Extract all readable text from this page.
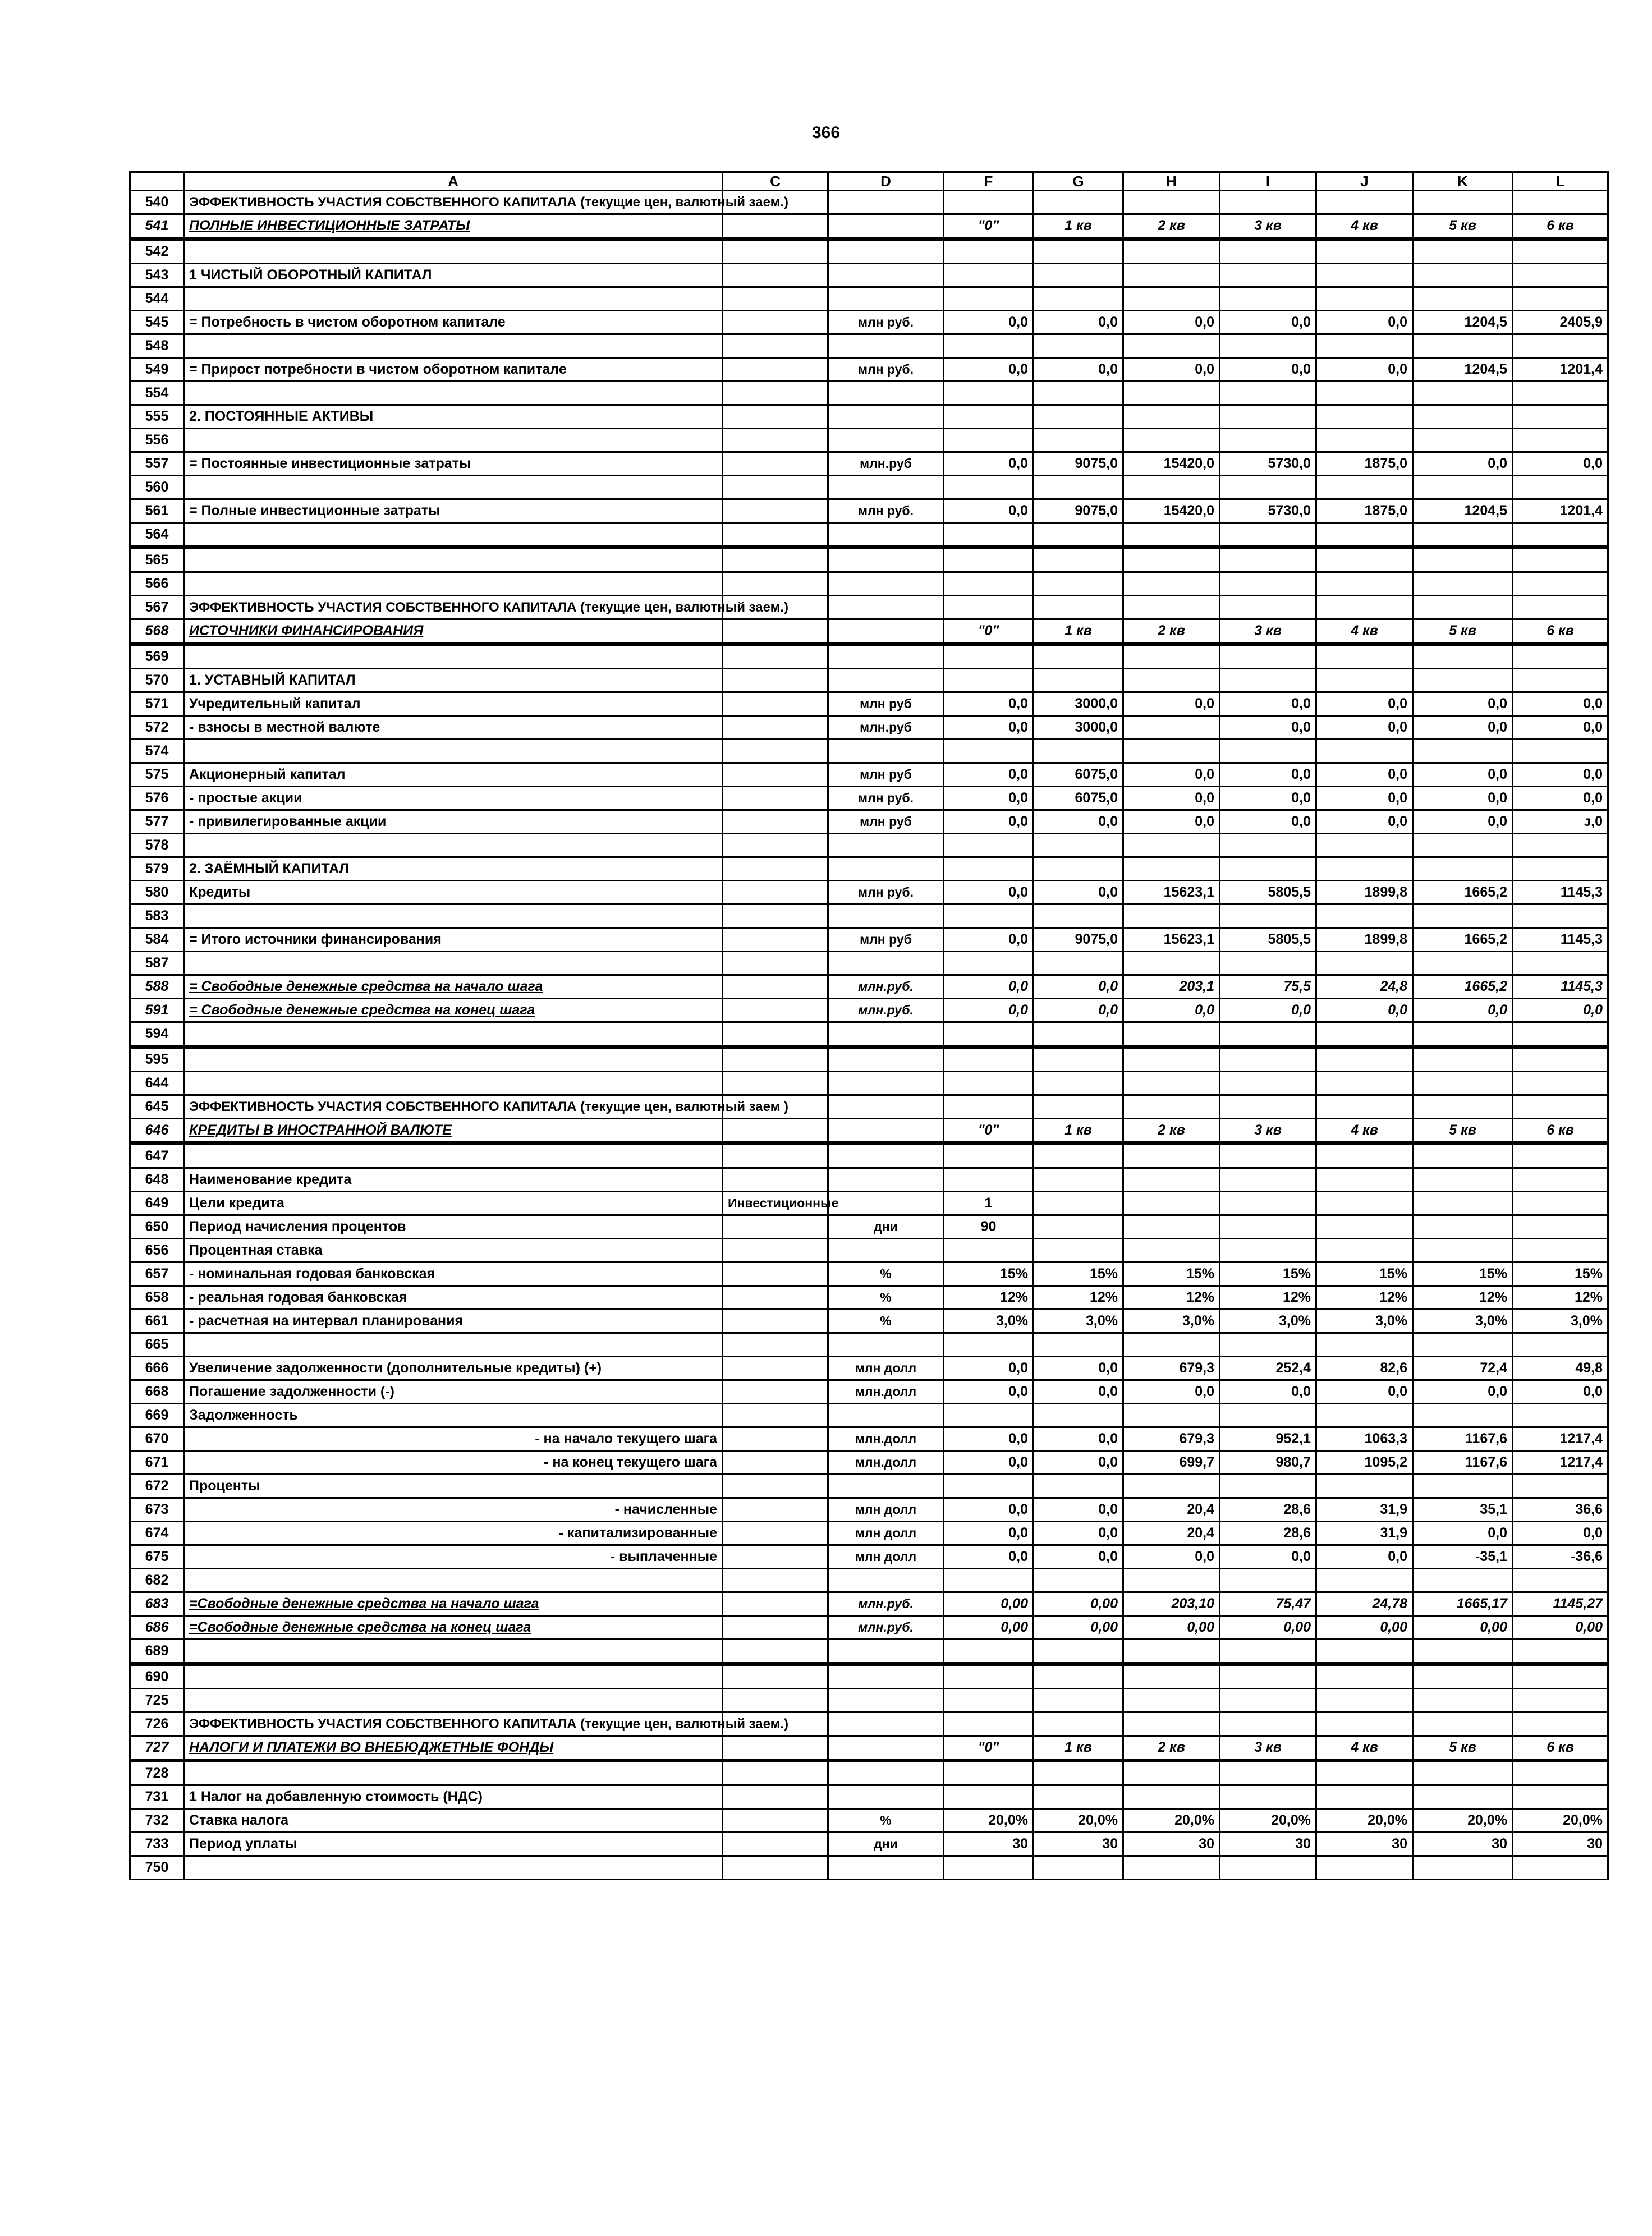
366
	A	C	D	F	G	H	I	J	K	L
540	ЭФФЕКТИВНОСТЬ УЧАСТИЯ СОБСТВЕННОГО КАПИТАЛА (текущие цен, валютный заем.)									
541	ПОЛНЫЕ ИНВЕСТИЦИОННЫЕ ЗАТРАТЫ			"0"	1 кв	2 кв	3 кв	4 кв	5 кв	6 кв
542										
543	1 ЧИСТЫЙ ОБОРОТНЫЙ КАПИТАЛ									
544										
545	= Потребность в чистом оборотном капитале		млн руб.	0,0	0,0	0,0	0,0	0,0	1204,5	2405,9
548										
549	= Прирост потребности в чистом оборотном капитале		млн руб.	0,0	0,0	0,0	0,0	0,0	1204,5	1201,4
554										
555	2. ПОСТОЯННЫЕ АКТИВЫ									
556										
557	= Постоянные инвестиционные затраты		млн.руб	0,0	9075,0	15420,0	5730,0	1875,0	0,0	0,0
560										
561	= Полные инвестиционные затраты		млн руб.	0,0	9075,0	15420,0	5730,0	1875,0	1204,5	1201,4
564										
565										
566										
567	ЭФФЕКТИВНОСТЬ УЧАСТИЯ СОБСТВЕННОГО КАПИТАЛА (текущие цен, валютный заем.)									
568	ИСТОЧНИКИ ФИНАНСИРОВАНИЯ			"0"	1 кв	2 кв	3 кв	4 кв	5 кв	6 кв
569										
570	1. УСТАВНЫЙ КАПИТАЛ									
571	Учредительный капитал		млн руб	0,0	3000,0	0,0	0,0	0,0	0,0	0,0
572	- взносы в местной валюте		млн.руб	0,0	3000,0		0,0	0,0	0,0	0,0
574										
575	Акционерный капитал		млн руб	0,0	6075,0	0,0	0,0	0,0	0,0	0,0
576	- простые акции		млн руб.	0,0	6075,0	0,0	0,0	0,0	0,0	0,0
577	- привилегированные акции		млн руб	0,0	0,0	0,0	0,0	0,0	0,0	ᴊ,0
578										
579	2. ЗАЁМНЫЙ КАПИТАЛ									
580	Кредиты		млн руб.	0,0	0,0	15623,1	5805,5	1899,8	1665,2	1145,3
583										
584	= Итого источники финансирования		млн руб	0,0	9075,0	15623,1	5805,5	1899,8	1665,2	1145,3
587										
588	= Свободные денежные средства на начало шага		млн.руб.	0,0	0,0	203,1	75,5	24,8	1665,2	1145,3
591	= Свободные денежные средства на конец шага		млн.руб.	0,0	0,0	0,0	0,0	0,0	0,0	0,0
594										
595										
644										
645	ЭФФЕКТИВНОСТЬ УЧАСТИЯ СОБСТВЕННОГО КАПИТАЛА (текущие цен, валютный заем )									
646	КРЕДИТЫ В ИНОСТРАННОЙ ВАЛЮТЕ			"0"	1 кв	2 кв	3 кв	4 кв	5 кв	6 кв
647										
648	Наименование кредита									
649	Цели кредита	Инвестиционные		1						
650	Период начисления процентов		дни	90						
656	Процентная ставка									
657	- номинальная годовая банковская		%	15%	15%	15%	15%	15%	15%	15%
658	- реальная годовая банковская		%	12%	12%	12%	12%	12%	12%	12%
661	- расчетная на интервал планирования		%	3,0%	3,0%	3,0%	3,0%	3,0%	3,0%	3,0%
665										
666	Увеличение задолженности (дополнительные кредиты) (+)		млн долл	0,0	0,0	679,3	252,4	82,6	72,4	49,8
668	Погашение задолженности (-)		млн.долл	0,0	0,0	0,0	0,0	0,0	0,0	0,0
669	Задолженность									
670	- на начало текущего шага		млн.долл	0,0	0,0	679,3	952,1	1063,3	1167,6	1217,4
671	- на конец текущего шага		млн.долл	0,0	0,0	699,7	980,7	1095,2	1167,6	1217,4
672	Проценты									
673	- начисленные		млн долл	0,0	0,0	20,4	28,6	31,9	35,1	36,6
674	- капитализированные		млн долл	0,0	0,0	20,4	28,6	31,9	0,0	0,0
675	- выплаченные		млн долл	0,0	0,0	0,0	0,0	0,0	-35,1	-36,6
682										
683	=Свободные денежные средства на начало шага		млн.руб.	0,00	0,00	203,10	75,47	24,78	1665,17	1145,27
686	=Свободные денежные средства на конец шага		млн.руб.	0,00	0,00	0,00	0,00	0,00	0,00	0,00
689										
690										
725										
726	ЭФФЕКТИВНОСТЬ УЧАСТИЯ СОБСТВЕННОГО КАПИТАЛА (текущие цен, валютный заем.)									
727	НАЛОГИ И ПЛАТЕЖИ ВО ВНЕБЮДЖЕТНЫЕ ФОНДЫ			"0"	1 кв	2 кв	3 кв	4 кв	5 кв	6 кв
728										
731	1 Налог на добавленную стоимость (НДС)									
732	Ставка налога		%	20,0%	20,0%	20,0%	20,0%	20,0%	20,0%	20,0%
733	Период уплаты		дни	30	30	30	30	30	30	30
750										
